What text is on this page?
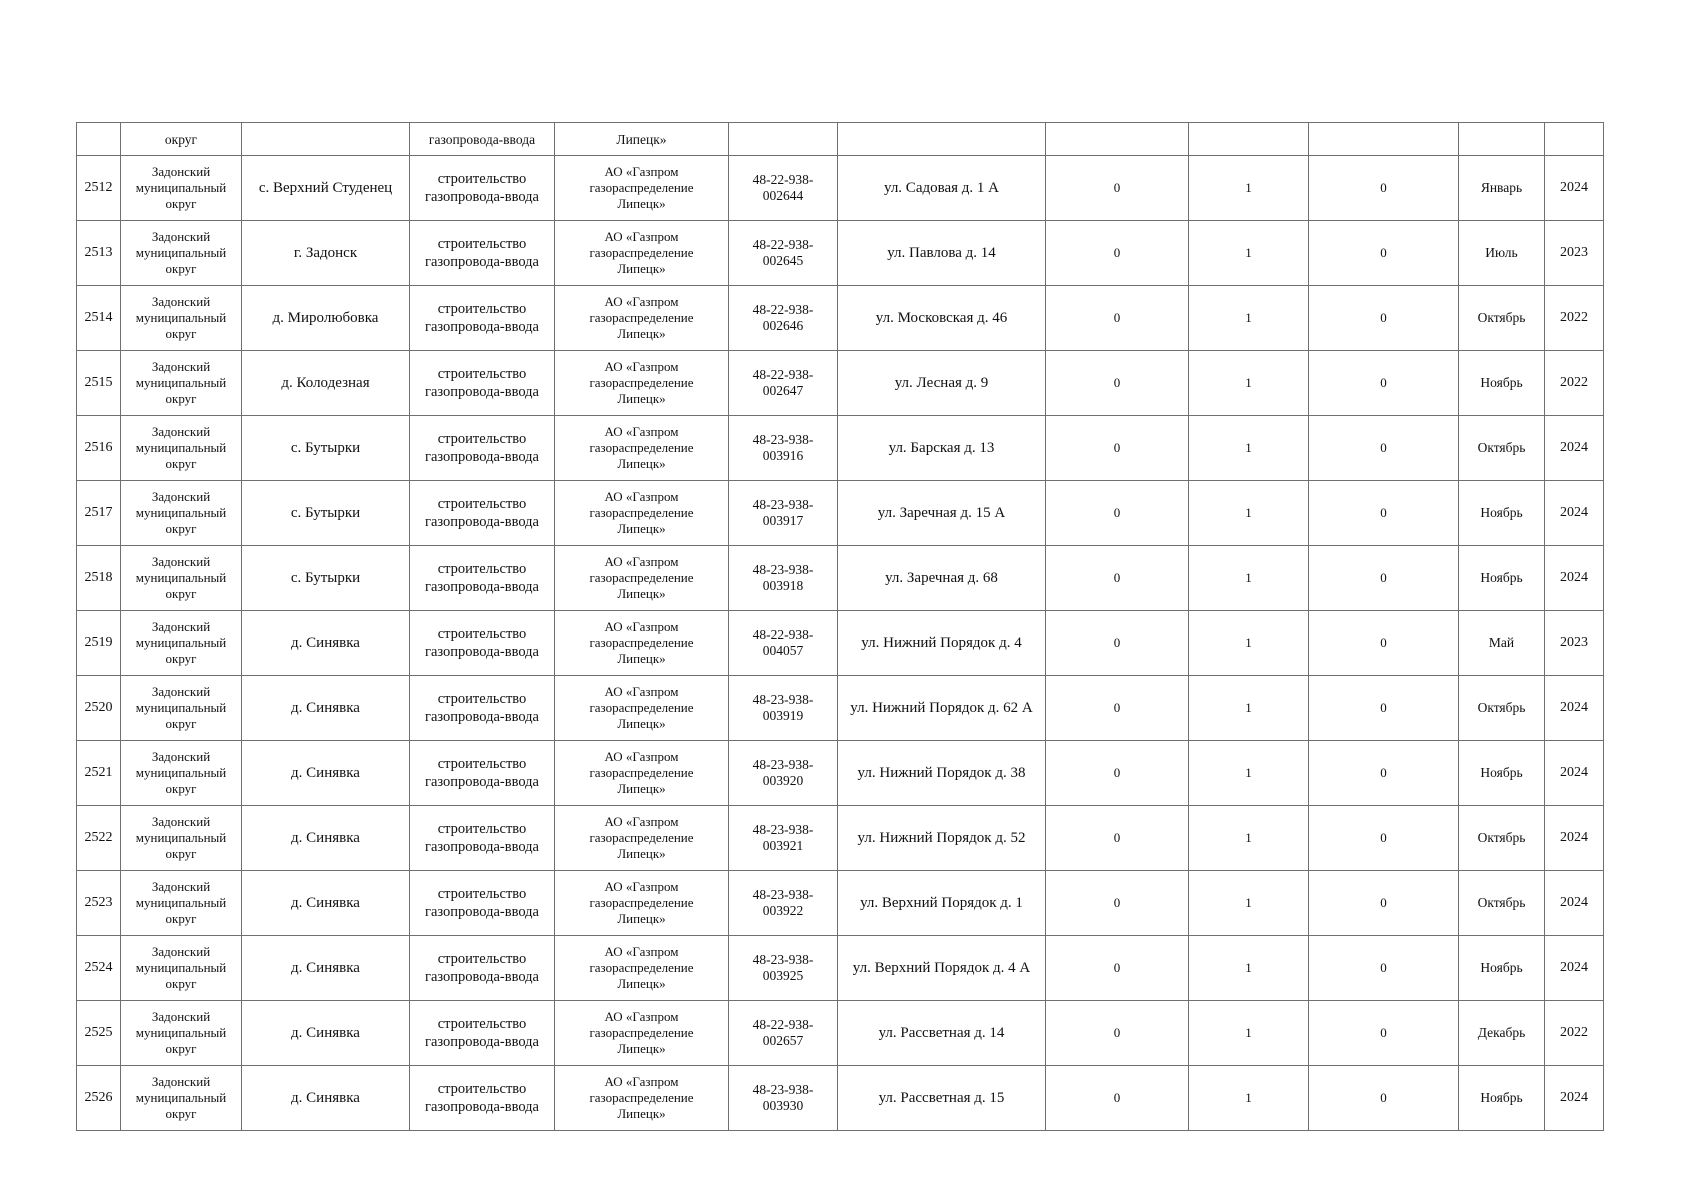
	округ		газопровода-ввода	Липецк»							
2512	Задонский
муниципальный
округ	с. Верхний Студенец	строительство
газопровода-ввода	АО «Газпром
газораспределение
Липецк»	48-22-938-
002644	ул. Садовая д. 1 А	0	1	0	Январь	2024
2513	Задонский
муниципальный
округ	г. Задонск	строительство
газопровода-ввода	АО «Газпром
газораспределение
Липецк»	48-22-938-
002645	ул. Павлова д. 14	0	1	0	Июль	2023
2514	Задонский
муниципальный
округ	д. Миролюбовка	строительство
газопровода-ввода	АО «Газпром
газораспределение
Липецк»	48-22-938-
002646	ул. Московская д. 46	0	1	0	Октябрь	2022
2515	Задонский
муниципальный
округ	д. Колодезная	строительство
газопровода-ввода	АО «Газпром
газораспределение
Липецк»	48-22-938-
002647	ул. Лесная д. 9	0	1	0	Ноябрь	2022
2516	Задонский
муниципальный
округ	с. Бутырки	строительство
газопровода-ввода	АО «Газпром
газораспределение
Липецк»	48-23-938-
003916	ул. Барская д. 13	0	1	0	Октябрь	2024
2517	Задонский
муниципальный
округ	с. Бутырки	строительство
газопровода-ввода	АО «Газпром
газораспределение
Липецк»	48-23-938-
003917	ул. Заречная д. 15 А	0	1	0	Ноябрь	2024
2518	Задонский
муниципальный
округ	с. Бутырки	строительство
газопровода-ввода	АО «Газпром
газораспределение
Липецк»	48-23-938-
003918	ул. Заречная д. 68	0	1	0	Ноябрь	2024
2519	Задонский
муниципальный
округ	д. Синявка	строительство
газопровода-ввода	АО «Газпром
газораспределение
Липецк»	48-22-938-
004057	ул. Нижний Порядок д. 4	0	1	0	Май	2023
2520	Задонский
муниципальный
округ	д. Синявка	строительство
газопровода-ввода	АО «Газпром
газораспределение
Липецк»	48-23-938-
003919	ул. Нижний Порядок д. 62 А	0	1	0	Октябрь	2024
2521	Задонский
муниципальный
округ	д. Синявка	строительство
газопровода-ввода	АО «Газпром
газораспределение
Липецк»	48-23-938-
003920	ул. Нижний Порядок д. 38	0	1	0	Ноябрь	2024
2522	Задонский
муниципальный
округ	д. Синявка	строительство
газопровода-ввода	АО «Газпром
газораспределение
Липецк»	48-23-938-
003921	ул. Нижний Порядок д. 52	0	1	0	Октябрь	2024
2523	Задонский
муниципальный
округ	д. Синявка	строительство
газопровода-ввода	АО «Газпром
газораспределение
Липецк»	48-23-938-
003922	ул. Верхний Порядок д. 1	0	1	0	Октябрь	2024
2524	Задонский
муниципальный
округ	д. Синявка	строительство
газопровода-ввода	АО «Газпром
газораспределение
Липецк»	48-23-938-
003925	ул. Верхний Порядок д. 4 А	0	1	0	Ноябрь	2024
2525	Задонский
муниципальный
округ	д. Синявка	строительство
газопровода-ввода	АО «Газпром
газораспределение
Липецк»	48-22-938-
002657	ул. Рассветная д. 14	0	1	0	Декабрь	2022
2526	Задонский
муниципальный
округ	д. Синявка	строительство
газопровода-ввода	АО «Газпром
газораспределение
Липецк»	48-23-938-
003930	ул. Рассветная д. 15	0	1	0	Ноябрь	2024
